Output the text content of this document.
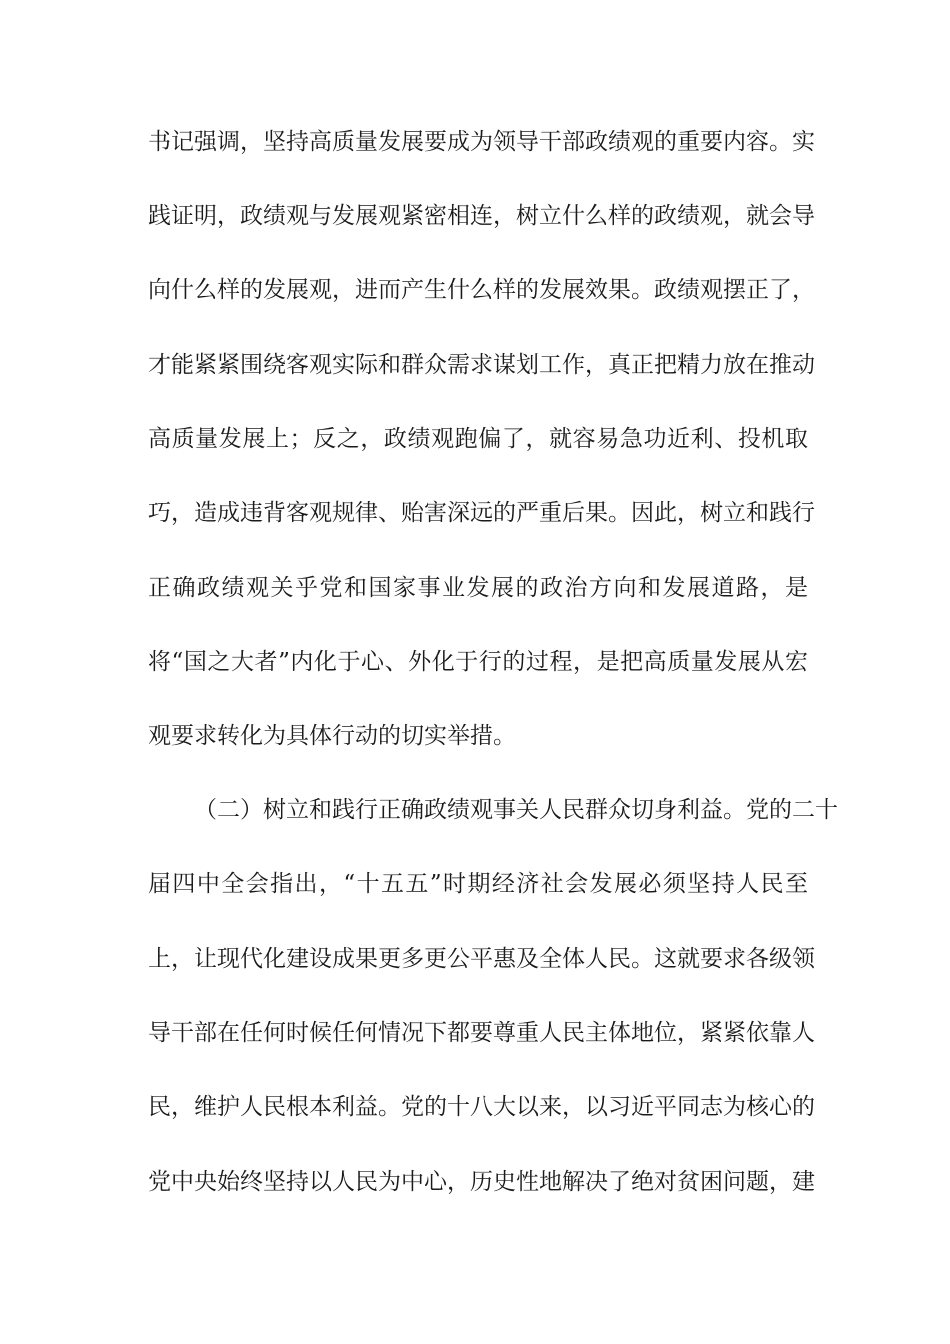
书记强调，坚持高质量发展要成为领导干部政绩观的重要内容。实
践证明，政绩观与发展观紧密相连，树立什么样的政绩观，就会导
向什么样的发展观，进而产生什么样的发展效果。政绩观摆正了，
才能紧紧围绕客观实际和群众需求谋划工作，真正把精力放在推动
高质量发展上；反之，政绩观跑偏了，就容易急功近利、投机取
巧，造成违背客观规律、贻害深远的严重后果。因此，树立和践行
正确政绩观关乎党和国家事业发展的政治方向和发展道路，是
将“国之大者”内化于心、外化于行的过程，是把高质量发展从宏
观要求转化为具体行动的切实举措。
（二）树立和践行正确政绩观事关人民群众切身利益。党的二十
届四中全会指出，“十五五”时期经济社会发展必须坚持人民至
上，让现代化建设成果更多更公平惠及全体人民。这就要求各级领
导干部在任何时候任何情况下都要尊重人民主体地位，紧紧依靠人
民，维护人民根本利益。党的十八大以来，以习近平同志为核心的
党中央始终坚持以人民为中心，历史性地解决了绝对贫困问题，建
